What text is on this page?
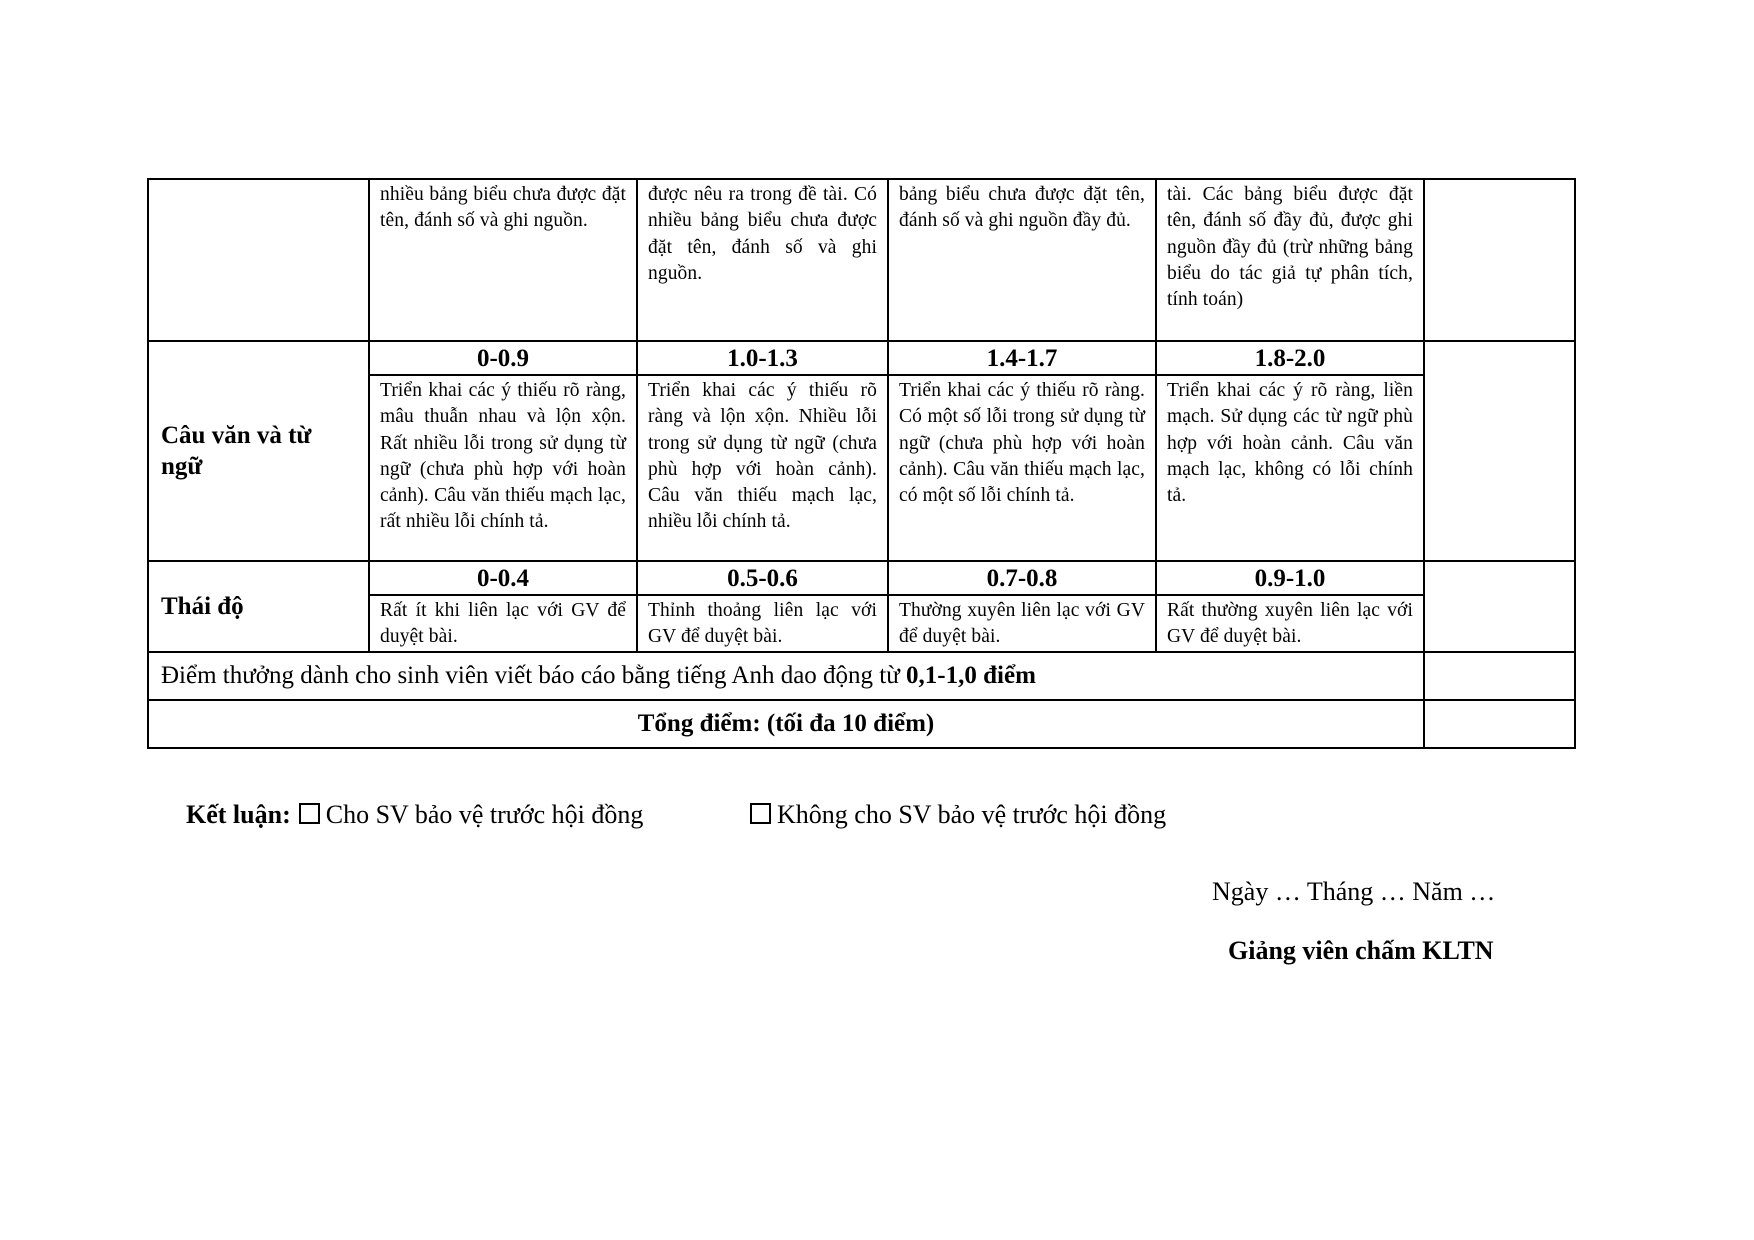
	nhiều bảng biểu chưa được đặt tên, đánh số và ghi nguồn.	được nêu ra trong đề tài. Có nhiều bảng biểu chưa được đặt tên, đánh số và ghi nguồn.	bảng biểu chưa được đặt tên, đánh số và ghi nguồn đầy đủ.	tài. Các bảng biểu được đặt tên, đánh số đầy đủ, được ghi nguồn đầy đủ (trừ những bảng biểu do tác giả tự phân tích, tính toán)	

Câu văn và từ ngữ	0-0.9	1.0-1.3	1.4-1.7	1.8-2.0	

	Triển khai các ý thiếu rõ ràng, mâu thuẫn nhau và lộn xộn. Rất nhiều lỗi trong sử dụng từ ngữ (chưa phù hợp với hoàn cảnh). Câu văn thiếu mạch lạc, rất nhiều lỗi chính tả.	Triển khai các ý thiếu rõ ràng và lộn xộn. Nhiều lỗi trong sử dụng từ ngữ (chưa phù hợp với hoàn cảnh). Câu văn thiếu mạch lạc, nhiều lỗi chính tả.	Triển khai các ý thiếu rõ ràng. Có một số lỗi trong sử dụng từ ngữ (chưa phù hợp với hoàn cảnh). Câu văn thiếu mạch lạc, có một số lỗi chính tả.	Triển khai các ý rõ ràng, liền mạch. Sử dụng các từ ngữ phù hợp với hoàn cảnh. Câu văn mạch lạc, không có lỗi chính tả.	

Thái độ	0-0.4	0.5-0.6	0.7-0.8	0.9-1.0	

	Rất ít khi liên lạc với GV để duyệt bài.	Thỉnh thoảng liên lạc với GV để duyệt bài.	Thường xuyên liên lạc với GV để duyệt bài.	Rất thường xuyên liên lạc với GV để duyệt bài.	

Điểm thưởng dành cho sinh viên viết báo cáo bằng tiếng Anh dao động từ 0,1-1,0 điểm					
Tổng điểm: (tối đa 10 điểm)					
Kết luận: Cho SV bảo vệ trước hội đồng	Không cho SV bảo vệ trước hội đồng
Ngày … Tháng … Năm …
Giảng viên chấm KLTN
